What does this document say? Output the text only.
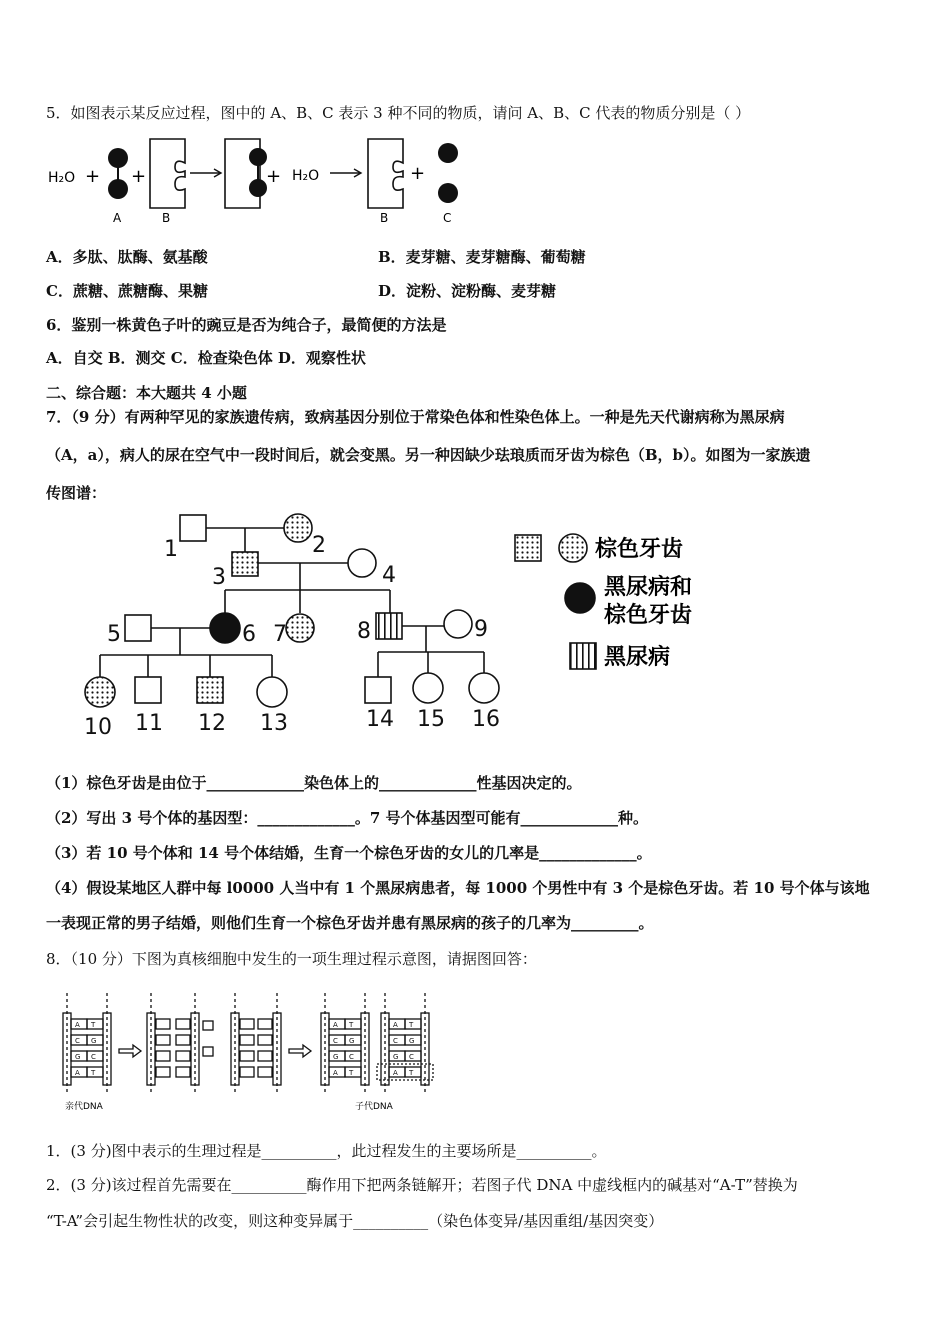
5．如图表示某反应过程，图中的 A、B、C 表示 3 种不同的物质，请问 A、B、C 代表的物质分别是（ ）
H₂O +
A
+
B
+ H₂O
B
+
C
A．多肽、肽酶、氨基酸	B．麦芽糖、麦芽糖酶、葡萄糖
C．蔗糖、蔗糖酶、果糖	D．淀粉、淀粉酶、麦芽糖
6．鉴别一株黄色子叶的豌豆是否为纯合子，最简便的方法是
A．自交 B．测交 C．检查染色体 D．观察性状
二、综合题：本大题共 4 小题
7．（9 分）有两种罕见的家族遗传病，致病基因分别位于常染色体和性染色体上。一种是先天代谢病称为黑尿病
（A，a），病人的尿在空气中一段时间后，就会变黑。另一种因缺少珐琅质而牙齿为棕色（B，b）。如图为一家族遗
传图谱：
1	2
3	4
5	6 7	8	9
10 11 12 13	14 15 16
棕色牙齿
黑尿病和
棕色牙齿
黑尿病
（1）棕色牙齿是由位于_____________染色体上的_____________性基因决定的。
（2）写出 3 号个体的基因型：_____________。7 号个体基因型可能有_____________种。
（3）若 10 号个体和 14 号个体结婚，生育一个棕色牙齿的女儿的几率是_____________。
（4）假设某地区人群中每 l0000 人当中有 1 个黑尿病患者，每 1000 个男性中有 3 个是棕色牙齿。若 10 号个体与该地
一表现正常的男子结婚，则他们生育一个棕色牙齿并患有黑尿病的孩子的几率为_________。
8．（10 分）下图为真核细胞中发生的一项生理过程示意图，请据图回答：
A T
C G
G C
A T
A T
C G
G C
A T
A T
C G
G C
A T
亲代DNA	子代DNA
1．(3 分)图中表示的生理过程是__________，此过程发生的主要场所是__________。
2．(3 分)该过程首先需要在__________酶作用下把两条链解开；若图子代 DNA 中虚线框内的碱基对“A-T”替换为
“T-A”会引起生物性状的改变，则这种变异属于__________（染色体变异/基因重组/基因突变）
